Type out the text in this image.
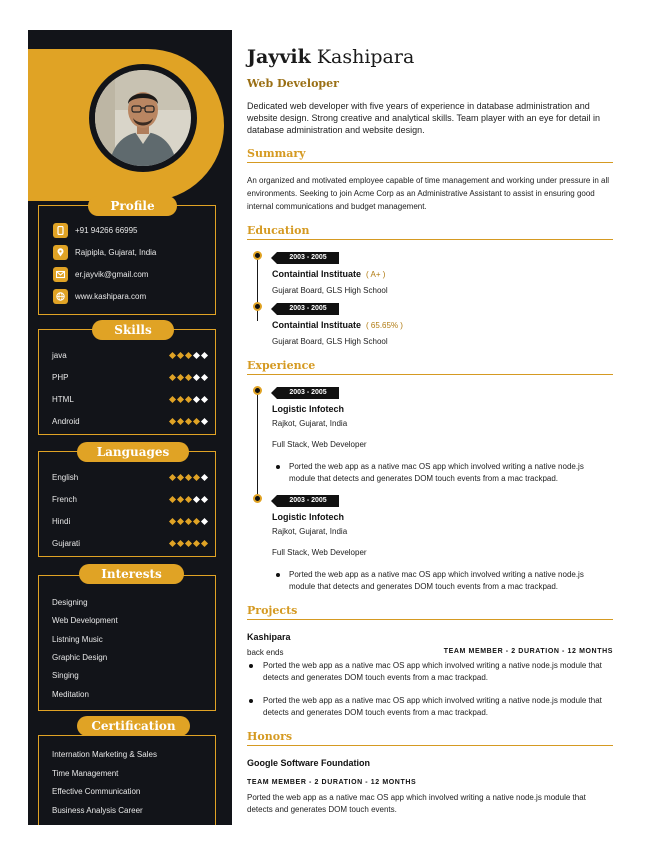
+91 94266 66995
Rajpipla, Gujarat, India
er.jayvik@gmail.com
www.kashipara.com
Profile
java
PHP
HTML
Android
Skills
English
French
Hindi
Gujarati
Languages
Designing
Web Development
Listning Music
Graphic Design
Singing
Meditation
Interests
Internation Marketing & Sales
Time Management
Effective Communication
Business Analysis Career
Certification
Jayvik Kashipara
Web Developer
Dedicated web developer with five years of experience in database administration and website design. Strong creative and analytical skills. Team player with an eye for detail in database administration and website design.
Summary
An organized and motivated employee capable of time management and working under pressure in all environments. Seeking to join Acme Corp as an Administrative Assistant to assist in ensuring good internal communications and budget management.
Education
2003 - 2005
Containtial Instituate ( A+ )
Gujarat Board, GLS High School
2003 - 2005
Containtial Instituate ( 65.65% )
Gujarat Board, GLS High School
Experience
2003 - 2005
Logistic Infotech
Rajkot, Gujarat, India
Full Stack, Web Developer
Ported the web app as a native mac OS app which involved writing a native node.js module that detects and generates DOM touch events from a mac trackpad.
2003 - 2005
Logistic Infotech
Rajkot, Gujarat, India
Full Stack, Web Developer
Ported the web app as a native mac OS app which involved writing a native node.js module that detects and generates DOM touch events from a mac trackpad.
Projects
Kashipara
back ends	TEAM MEMBER - 2 DURATION - 12 MONTHS
Ported the web app as a native mac OS app which involved writing a native node.js module that detects and generates DOM touch events from a mac trackpad.
Ported the web app as a native mac OS app which involved writing a native node.js module that detects and generates DOM touch events from a mac trackpad.
Honors
Google Software Foundation
TEAM MEMBER - 2 DURATION - 12 MONTHS
Ported the web app as a native mac OS app which involved writing a native node.js module that detects and generates DOM touch events.
